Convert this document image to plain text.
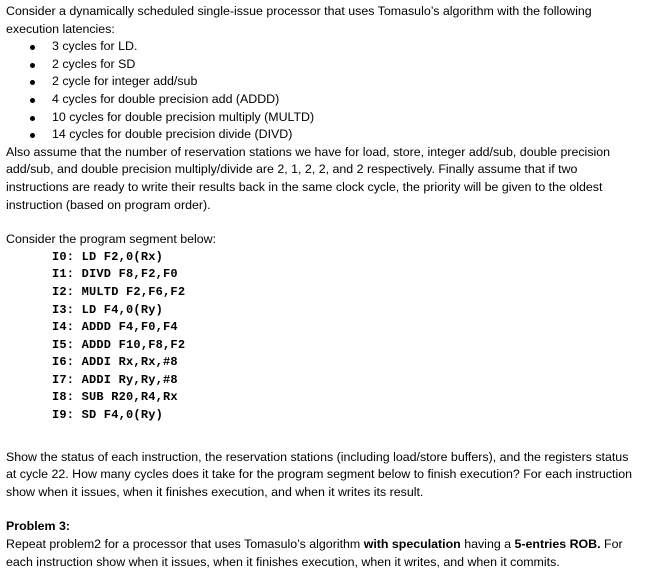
Consider a dynamically scheduled single-issue processor that uses Tomasulo’s algorithm with the following execution latencies:

3 cycles for LD.
2 cycles for SD
2 cycle for integer add/sub
4 cycles for double precision add (ADDD)
10 cycles for double precision multiply (MULTD)
14 cycles for double precision divide (DIVD)

Also assume that the number of reservation stations we have for load, store, integer add/sub, double precision add/sub, and double precision multiply/divide are 2, 1, 2, 2, and 2 respectively. Finally assume that if two instructions are ready to write their results back in the same clock cycle, the priority will be given to the oldest instruction (based on program order).

Consider the program segment below:

I0: LD F2,0(Rx)
I1: DIVD F8,F2,F0
I2: MULTD F2,F6,F2
I3: LD F4,0(Ry)
I4: ADDD F4,F0,F4
I5: ADDD F10,F8,F2
I6: ADDI Rx,Rx,#8
I7: ADDI Ry,Ry,#8
I8: SUB R20,R4,Rx
I9: SD F4,0(Ry)

Show the status of each instruction, the reservation stations (including load/store buffers), and the registers status at cycle 22. How many cycles does it take for the program segment below to finish execution? For each instruction show when it issues, when it finishes execution, and when it writes its result.

Problem 3:

Repeat problem2 for a processor that uses Tomasulo’s algorithm with speculation having a 5-entries ROB. For each instruction show when it issues, when it finishes execution, when it writes, and when it commits.
